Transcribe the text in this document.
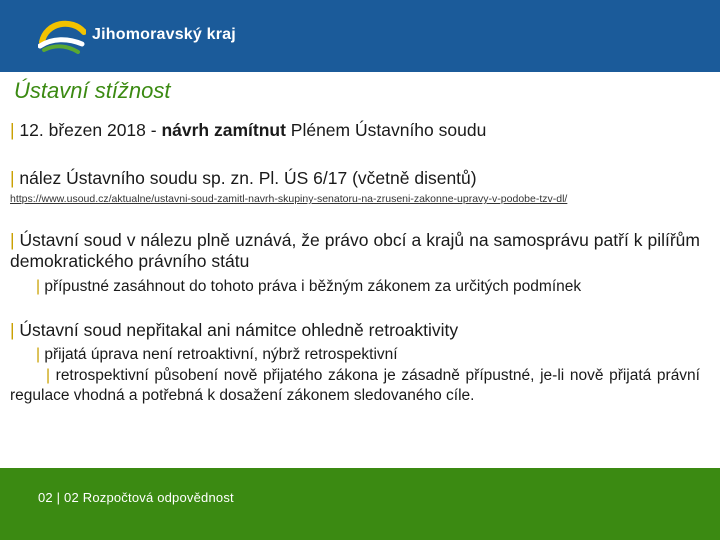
Jihomoravský kraj
Ústavní stížnost
| 12. březen 2018 - návrh zamítnut Plénem Ústavního soudu
| nález Ústavního soudu sp. zn. Pl. ÚS 6/17 (včetně disentů)
https://www.usoud.cz/aktualne/ustavni-soud-zamitl-navrh-skupiny-senatoru-na-zruseni-zakonne-upravy-v-podobe-tzv-dl/
| Ústavní soud v nálezu plně uznává, že právo obcí a krajů na samosprávu patří k pilířům demokratického právního státu
| přípustné zasáhnout do tohoto práva i běžným zákonem za určitých podmínek
| Ústavní soud nepřitakal ani námitce ohledně retroaktivity
| přijatá úprava není retroaktivní, nýbrž retrospektivní
| retrospektivní působení nově přijatého zákona je zásadně přípustné, je-li nově přijatá právní regulace vhodná a potřebná k dosažení zákonem sledovaného cíle.
02 | 02 Rozpočtová odpovědnost
